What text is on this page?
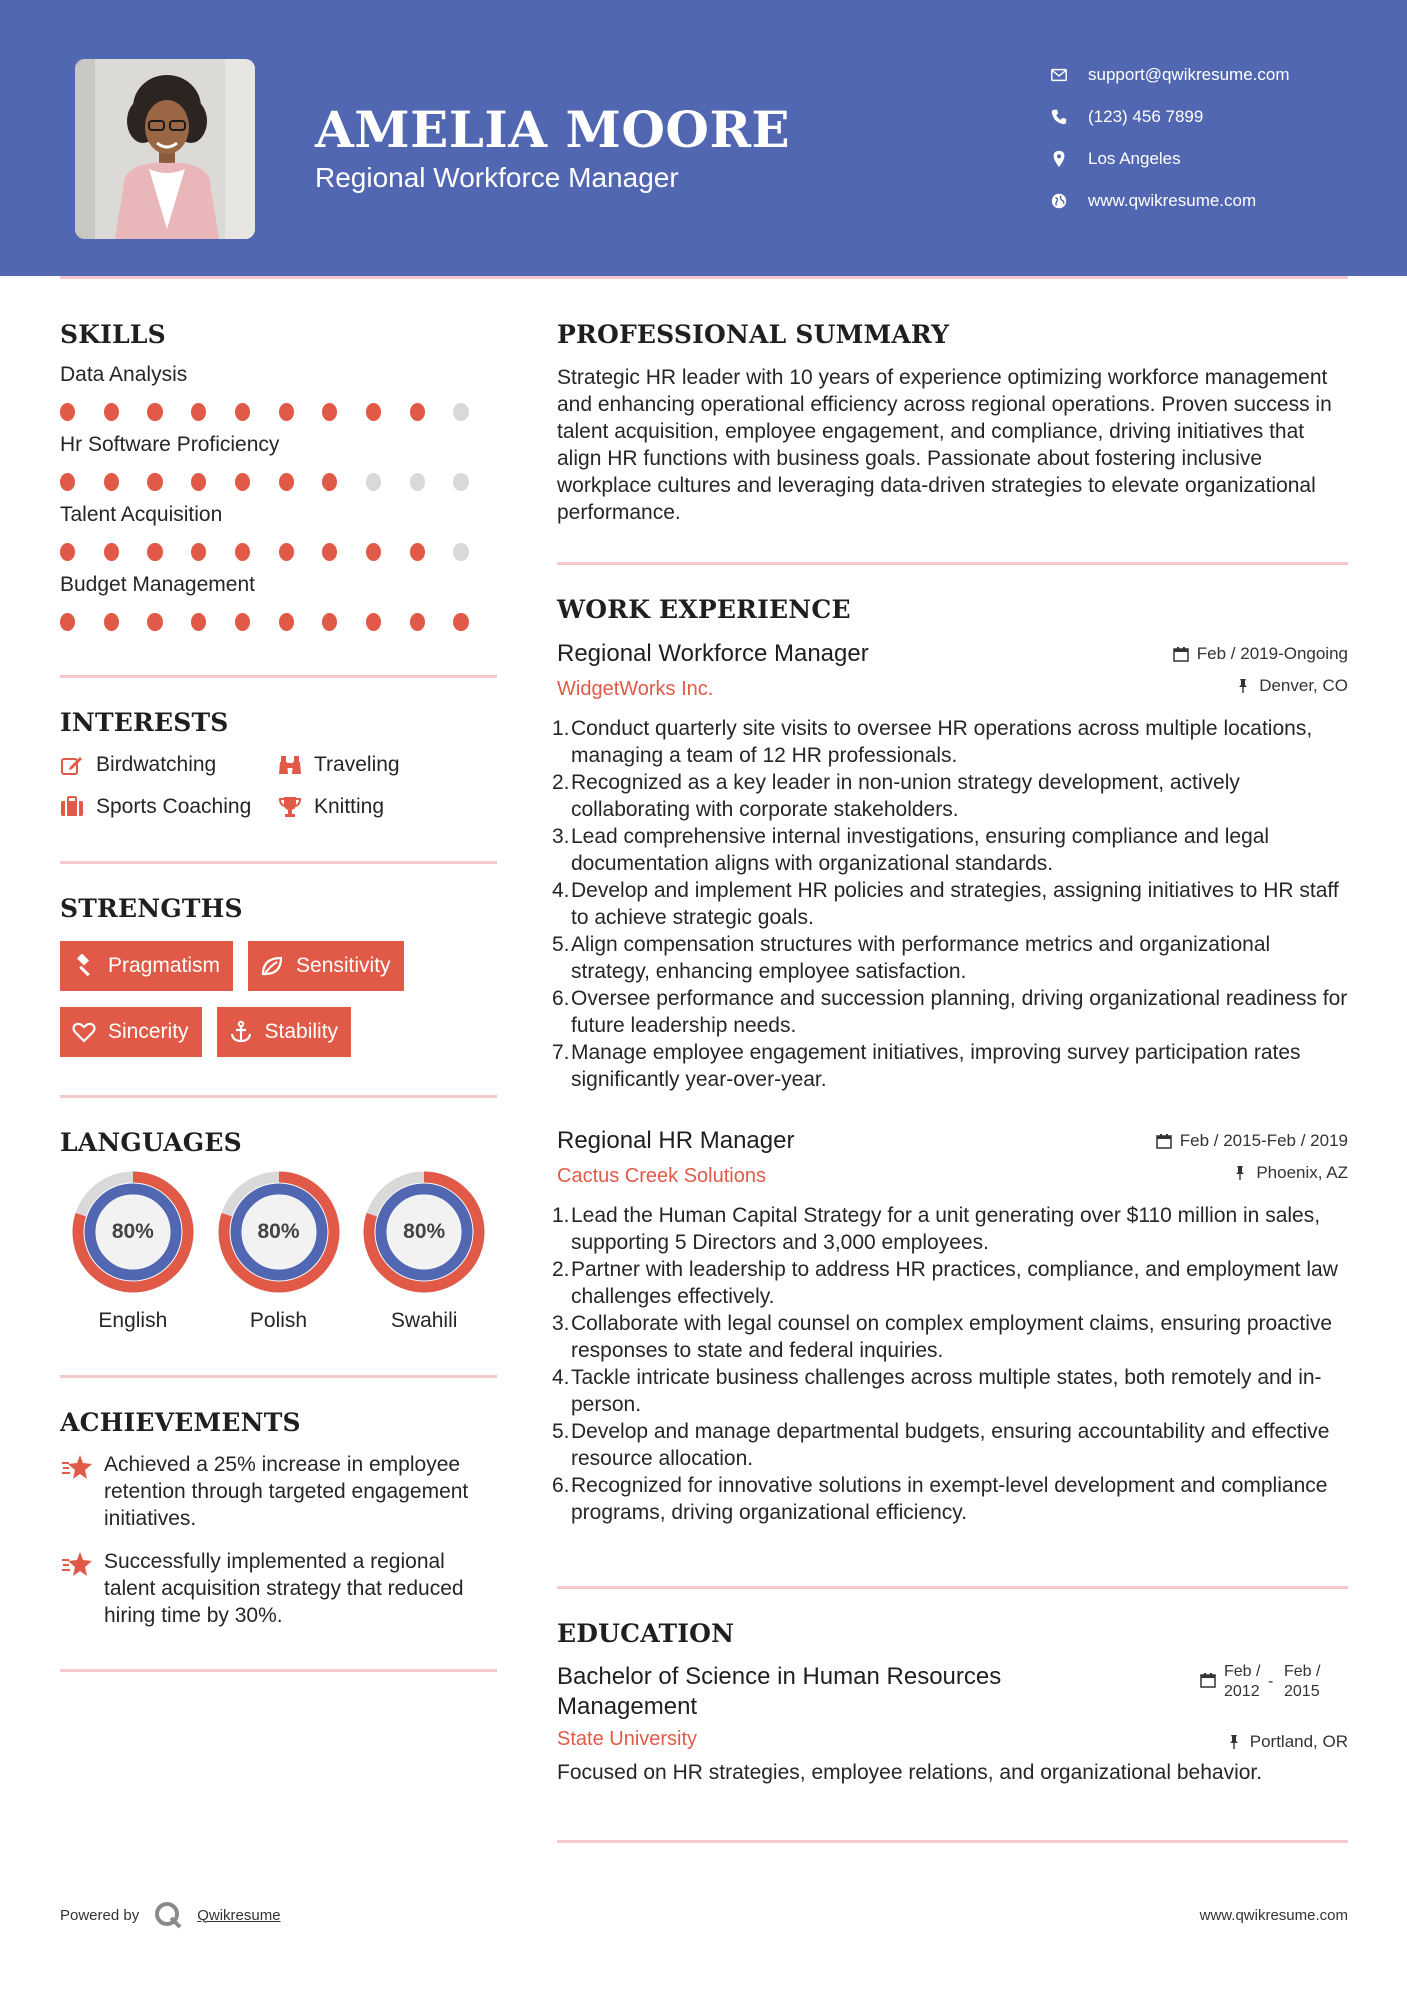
AMELIA MOORE
Regional Workforce Manager
support@qwikresume.com
(123) 456 7899
Los Angeles
www.qwikresume.com
SKILLS
Data Analysis
Hr Software Proficiency
Talent Acquisition
Budget Management
INTERESTS
Birdwatching	Traveling
Sports Coaching	Knitting
STRENGTHS
Pragmatism	Sensitivity
Sincerity	Stability
LANGUAGES
80%
English
80%
Polish
80%
Swahili
ACHIEVEMENTS
Achieved a 25% increase in employee retention through targeted engagement initiatives.
Successfully implemented a regional talent acquisition strategy that reduced hiring time by 30%.
PROFESSIONAL SUMMARY
Strategic HR leader with 10 years of experience optimizing workforce management and enhancing operational efficiency across regional operations. Proven success in talent acquisition, employee engagement, and compliance, driving initiatives that align HR functions with business goals. Passionate about fostering inclusive workplace cultures and leveraging data-driven strategies to elevate organizational performance.
WORK EXPERIENCE
Feb / 2019-Ongoing
Denver, CO
Regional Workforce Manager
WidgetWorks Inc.
1. Conduct quarterly site visits to oversee HR operations across multiple locations, managing a team of 12 HR professionals.
2. Recognized as a key leader in non-union strategy development, actively collaborating with corporate stakeholders.
3. Lead comprehensive internal investigations, ensuring compliance and legal documentation aligns with organizational standards.
4. Develop and implement HR policies and strategies, assigning initiatives to HR staff to achieve strategic goals.
5. Align compensation structures with performance metrics and organizational strategy, enhancing employee satisfaction.
6. Oversee performance and succession planning, driving organizational readiness for future leadership needs.
7. Manage employee engagement initiatives, improving survey participation rates significantly year-over-year.
Feb / 2015-Feb / 2019
Phoenix, AZ
Regional HR Manager
Cactus Creek Solutions
1. Lead the Human Capital Strategy for a unit generating over $110 million in sales, supporting 5 Directors and 3,000 employees.
2. Partner with leadership to address HR practices, compliance, and employment law challenges effectively.
3. Collaborate with legal counsel on complex employment claims, ensuring proactive responses to state and federal inquiries.
4. Tackle intricate business challenges across multiple states, both remotely and in-person.
5. Develop and manage departmental budgets, ensuring accountability and effective resource allocation.
6. Recognized for innovative solutions in exempt-level development and compliance programs, driving organizational efficiency.
EDUCATION
Feb /
2012
-
Feb /
2015
Bachelor of Science in Human Resources
Management
Portland, OR
State University
Focused on HR strategies, employee relations, and organizational behavior.
Powered by	Qwikresume	www.qwikresume.com
